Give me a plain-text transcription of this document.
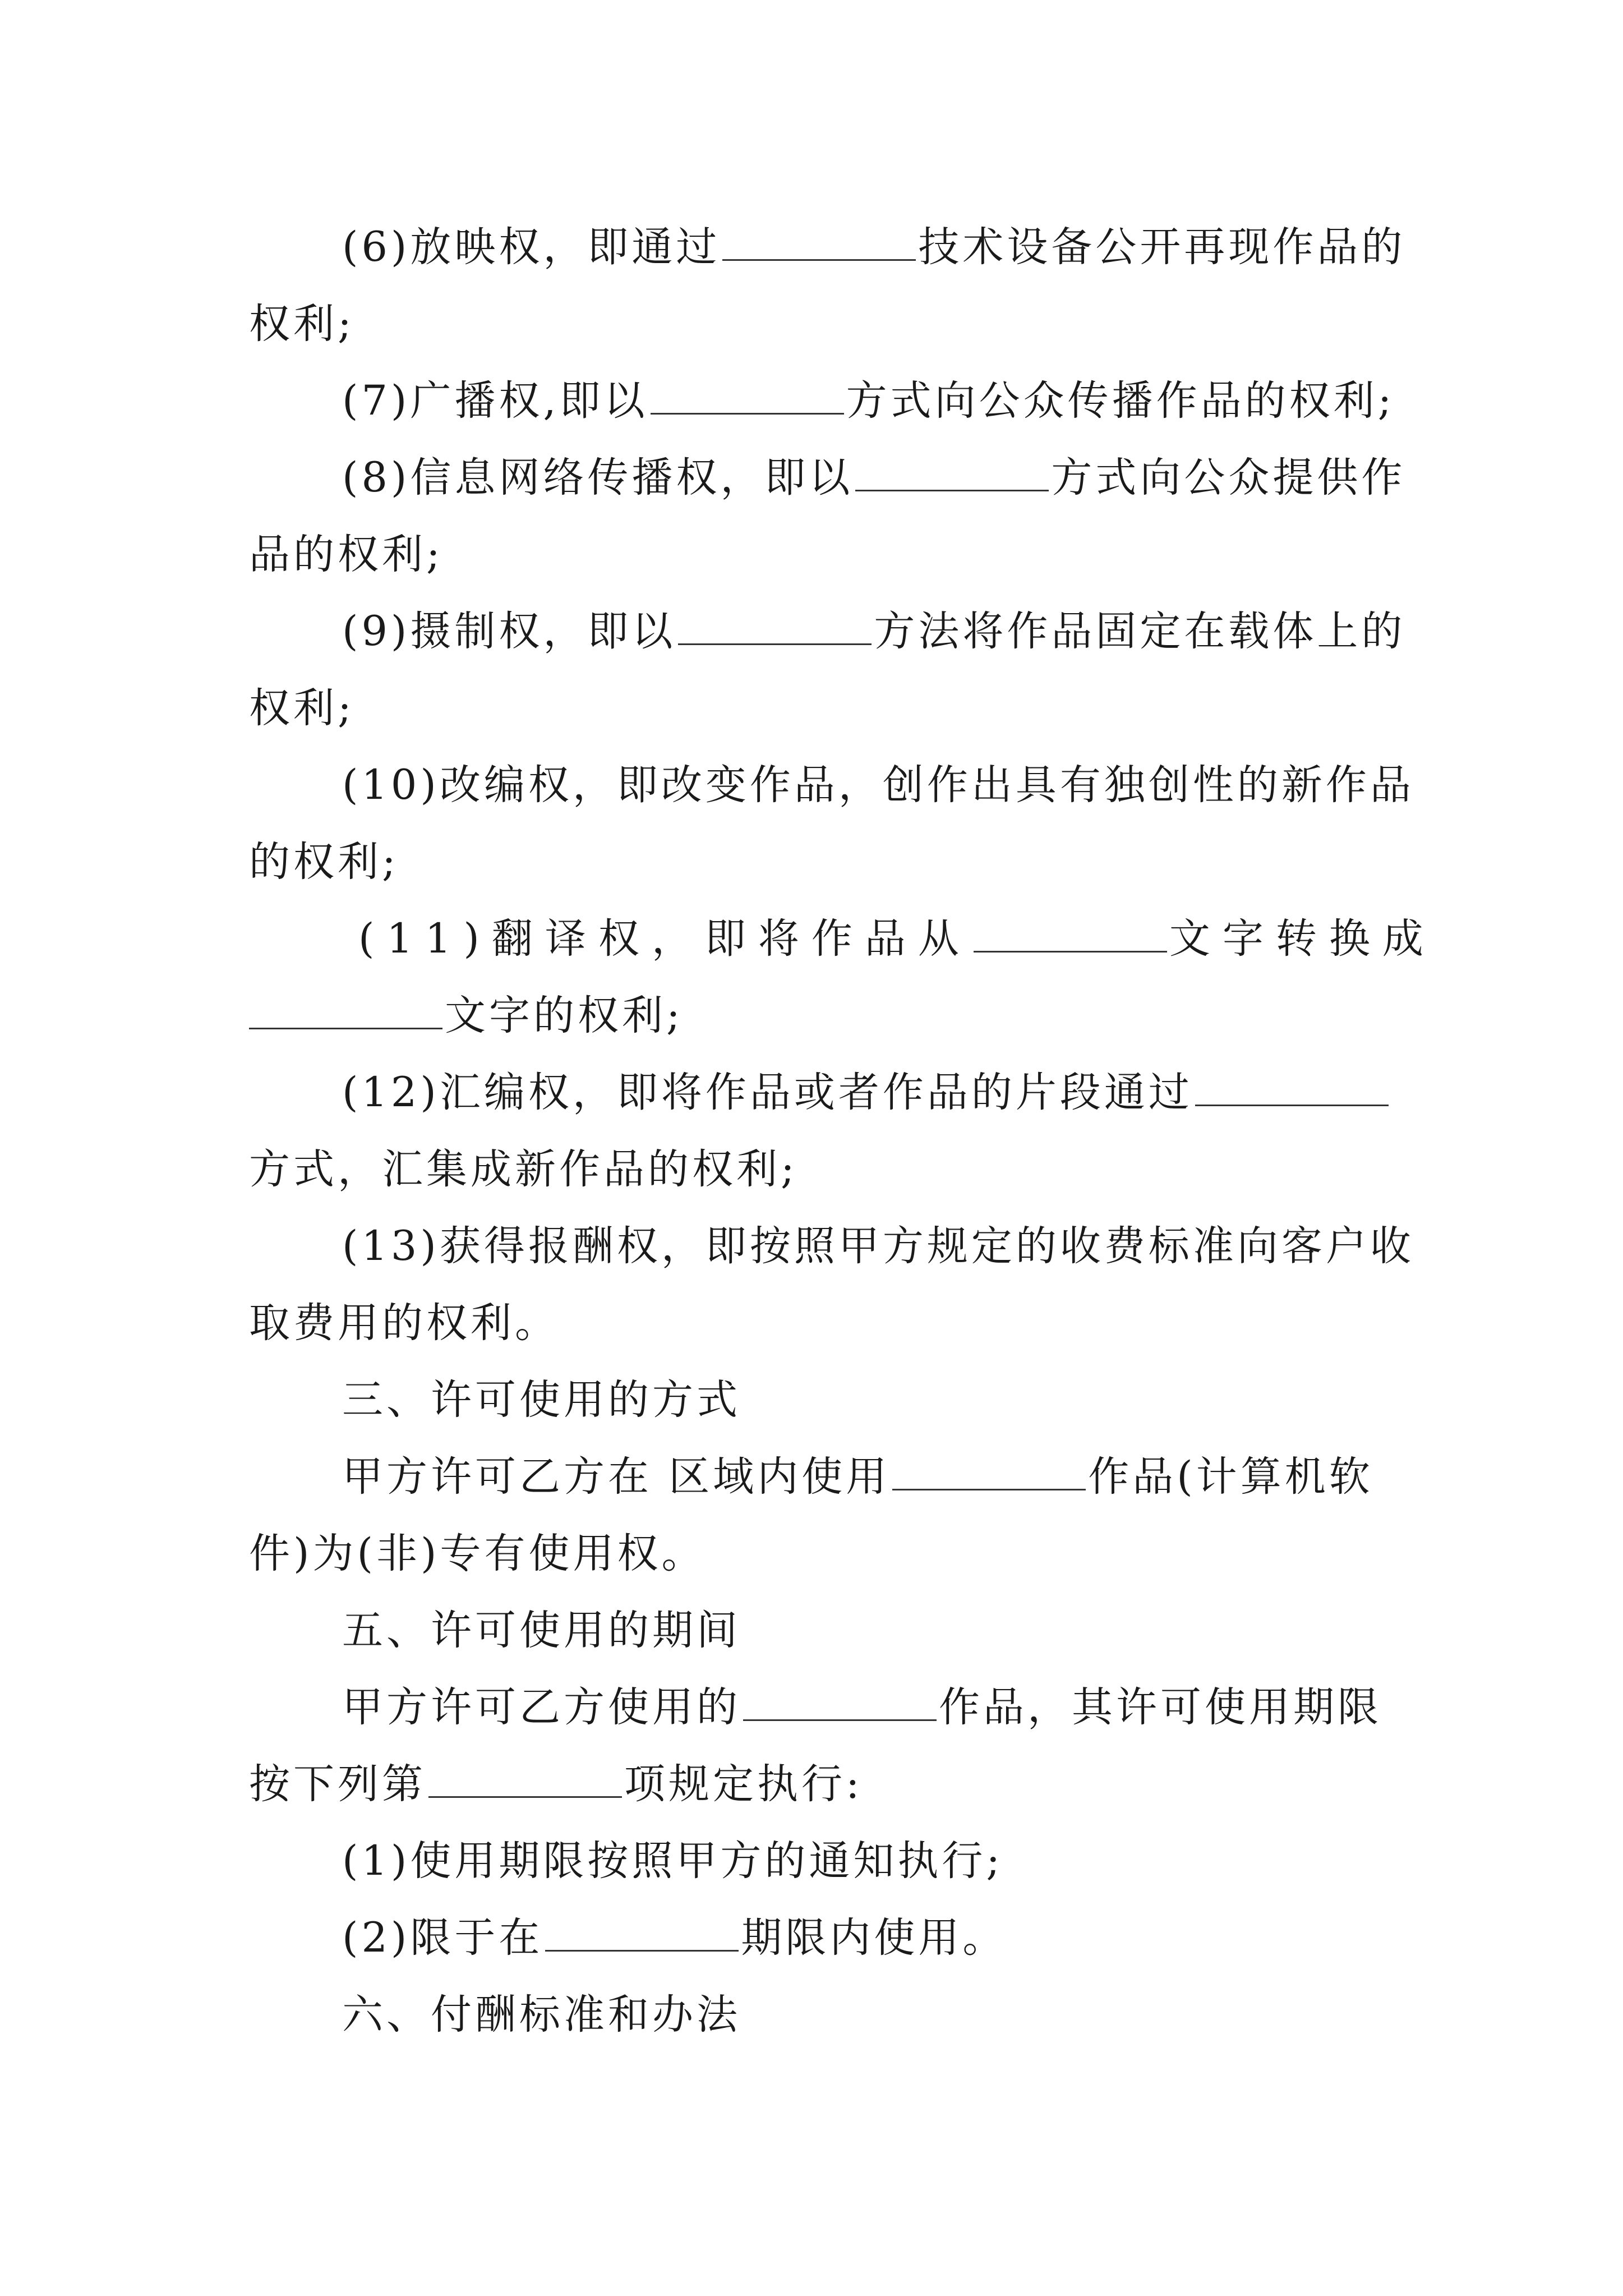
(6)放映权，即通过	技术设备公开再现作品的
权利;
(7)广播权,即以	方式向公众传播作品的权利;
(8)信息网络传播权，即以	方式向公众提供作
品的权利;
(9)摄制权，即以	方法将作品固定在载体上的
权利;
(10)改编权，即改变作品，创作出具有独创性的新作品
的权利;
(11)翻译权，即将作品从	文字转换成
文字的权利;
(12)汇编权，即将作品或者作品的片段通过
方式，汇集成新作品的权利;
(13)获得报酬权，即按照甲方规定的收费标准向客户收
取费用的权利。
三、许可使用的方式
甲方许可乙方在 区域内使用	作品(计算机软
件)为(非)专有使用权。
五、许可使用的期间
甲方许可乙方使用的	作品，其许可使用期限
按下列第	项规定执行:
(1)使用期限按照甲方的通知执行;
(2)限于在	期限内使用。
六、付酬标准和办法
